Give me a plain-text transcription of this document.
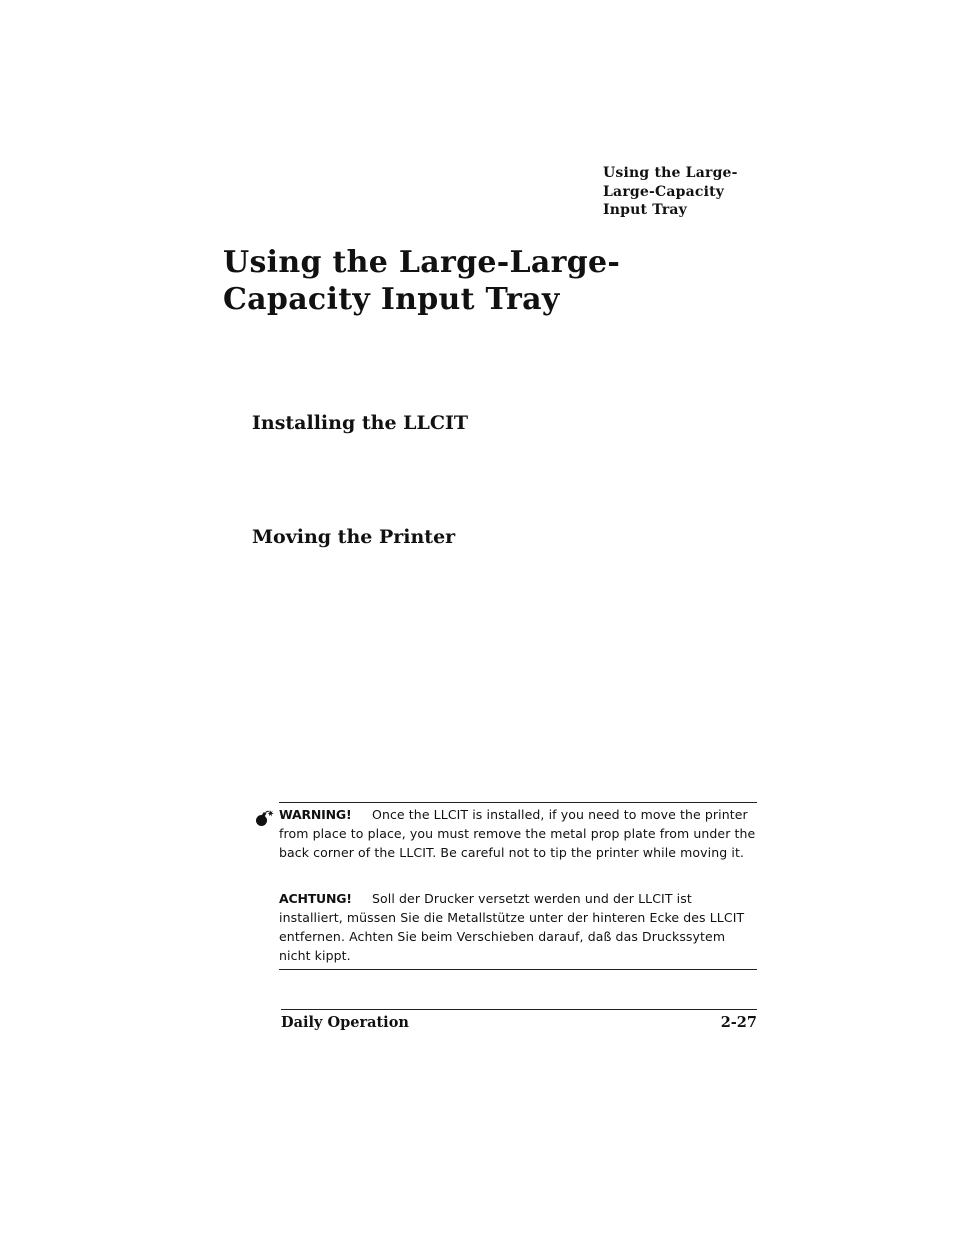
Using the Large-
Large-Capacity
Input Tray
Using the Large-Large-
Capacity Input Tray
Installing the LLCIT
Moving the Printer
WARNING! Once the LLCIT is installed, if you need to move the printer from place to place, you must remove the metal prop plate from under the back corner of the LLCIT. Be careful not to tip the printer while moving it.
ACHTUNG! Soll der Drucker versetzt werden und der LLCIT ist installiert, müssen Sie die Metallstütze unter der hinteren Ecke des LLCIT entfernen. Achten Sie beim Verschieben darauf, daß das Druckssytem nicht kippt.
Daily Operation	2-27
